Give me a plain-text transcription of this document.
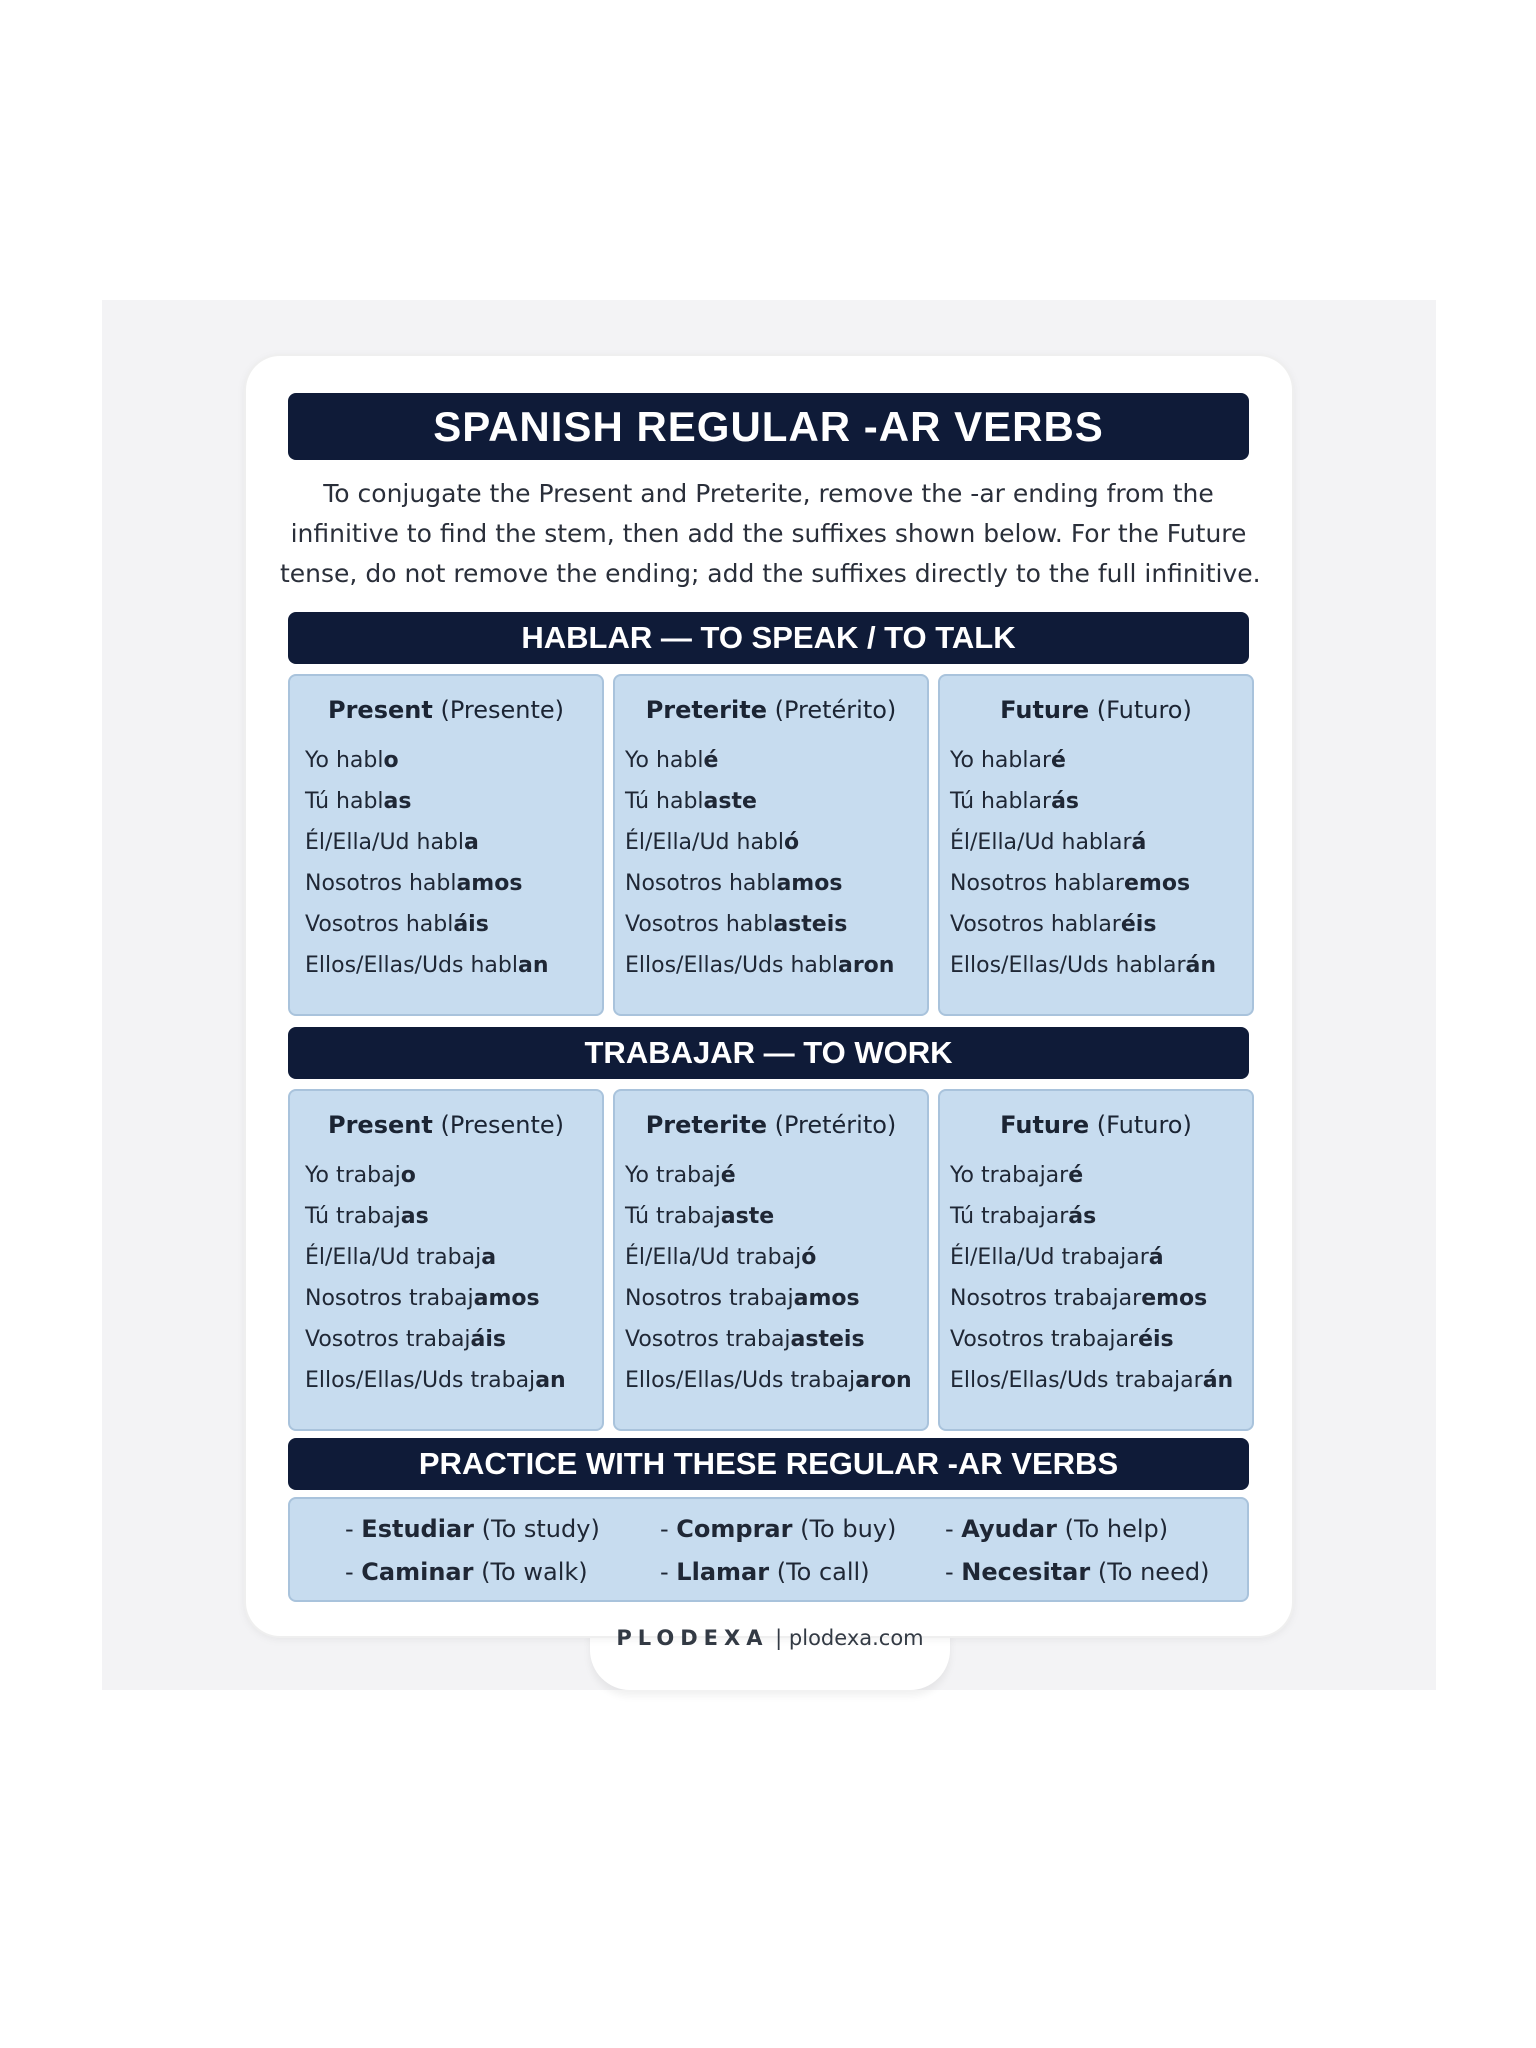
SPANISH REGULAR -AR VERBS
To conjugate the Present and Preterite, remove the -ar ending from the
infinitive to find the stem, then add the suffixes shown below. For the Future
tense, do not remove the ending; add the suffixes directly to the full infinitive.
HABLAR — TO SPEAK / TO TALK
Present (Presente)
Yo hablo
Tú hablas
Él/Ella/Ud habla
Nosotros hablamos
Vosotros habláis
Ellos/Ellas/Uds hablan
Preterite (Pretérito)
Yo hablé
Tú hablaste
Él/Ella/Ud habló
Nosotros hablamos
Vosotros hablasteis
Ellos/Ellas/Uds hablaron
Future (Futuro)
Yo hablaré
Tú hablarás
Él/Ella/Ud hablará
Nosotros hablaremos
Vosotros hablaréis
Ellos/Ellas/Uds hablarán
TRABAJAR — TO WORK
Present (Presente)
Yo trabajo
Tú trabajas
Él/Ella/Ud trabaja
Nosotros trabajamos
Vosotros trabajáis
Ellos/Ellas/Uds trabajan
Preterite (Pretérito)
Yo trabajé
Tú trabajaste
Él/Ella/Ud trabajó
Nosotros trabajamos
Vosotros trabajasteis
Ellos/Ellas/Uds trabajaron
Future (Futuro)
Yo trabajaré
Tú trabajarás
Él/Ella/Ud trabajará
Nosotros trabajaremos
Vosotros trabajaréis
Ellos/Ellas/Uds trabajarán
PRACTICE WITH THESE REGULAR -AR VERBS
- Estudiar (To study)	- Comprar (To buy) - Ayudar (To help)
- Caminar (To walk)	- Llamar (To call)	- Necesitar (To need)
PLODEXA | plodexa.com
